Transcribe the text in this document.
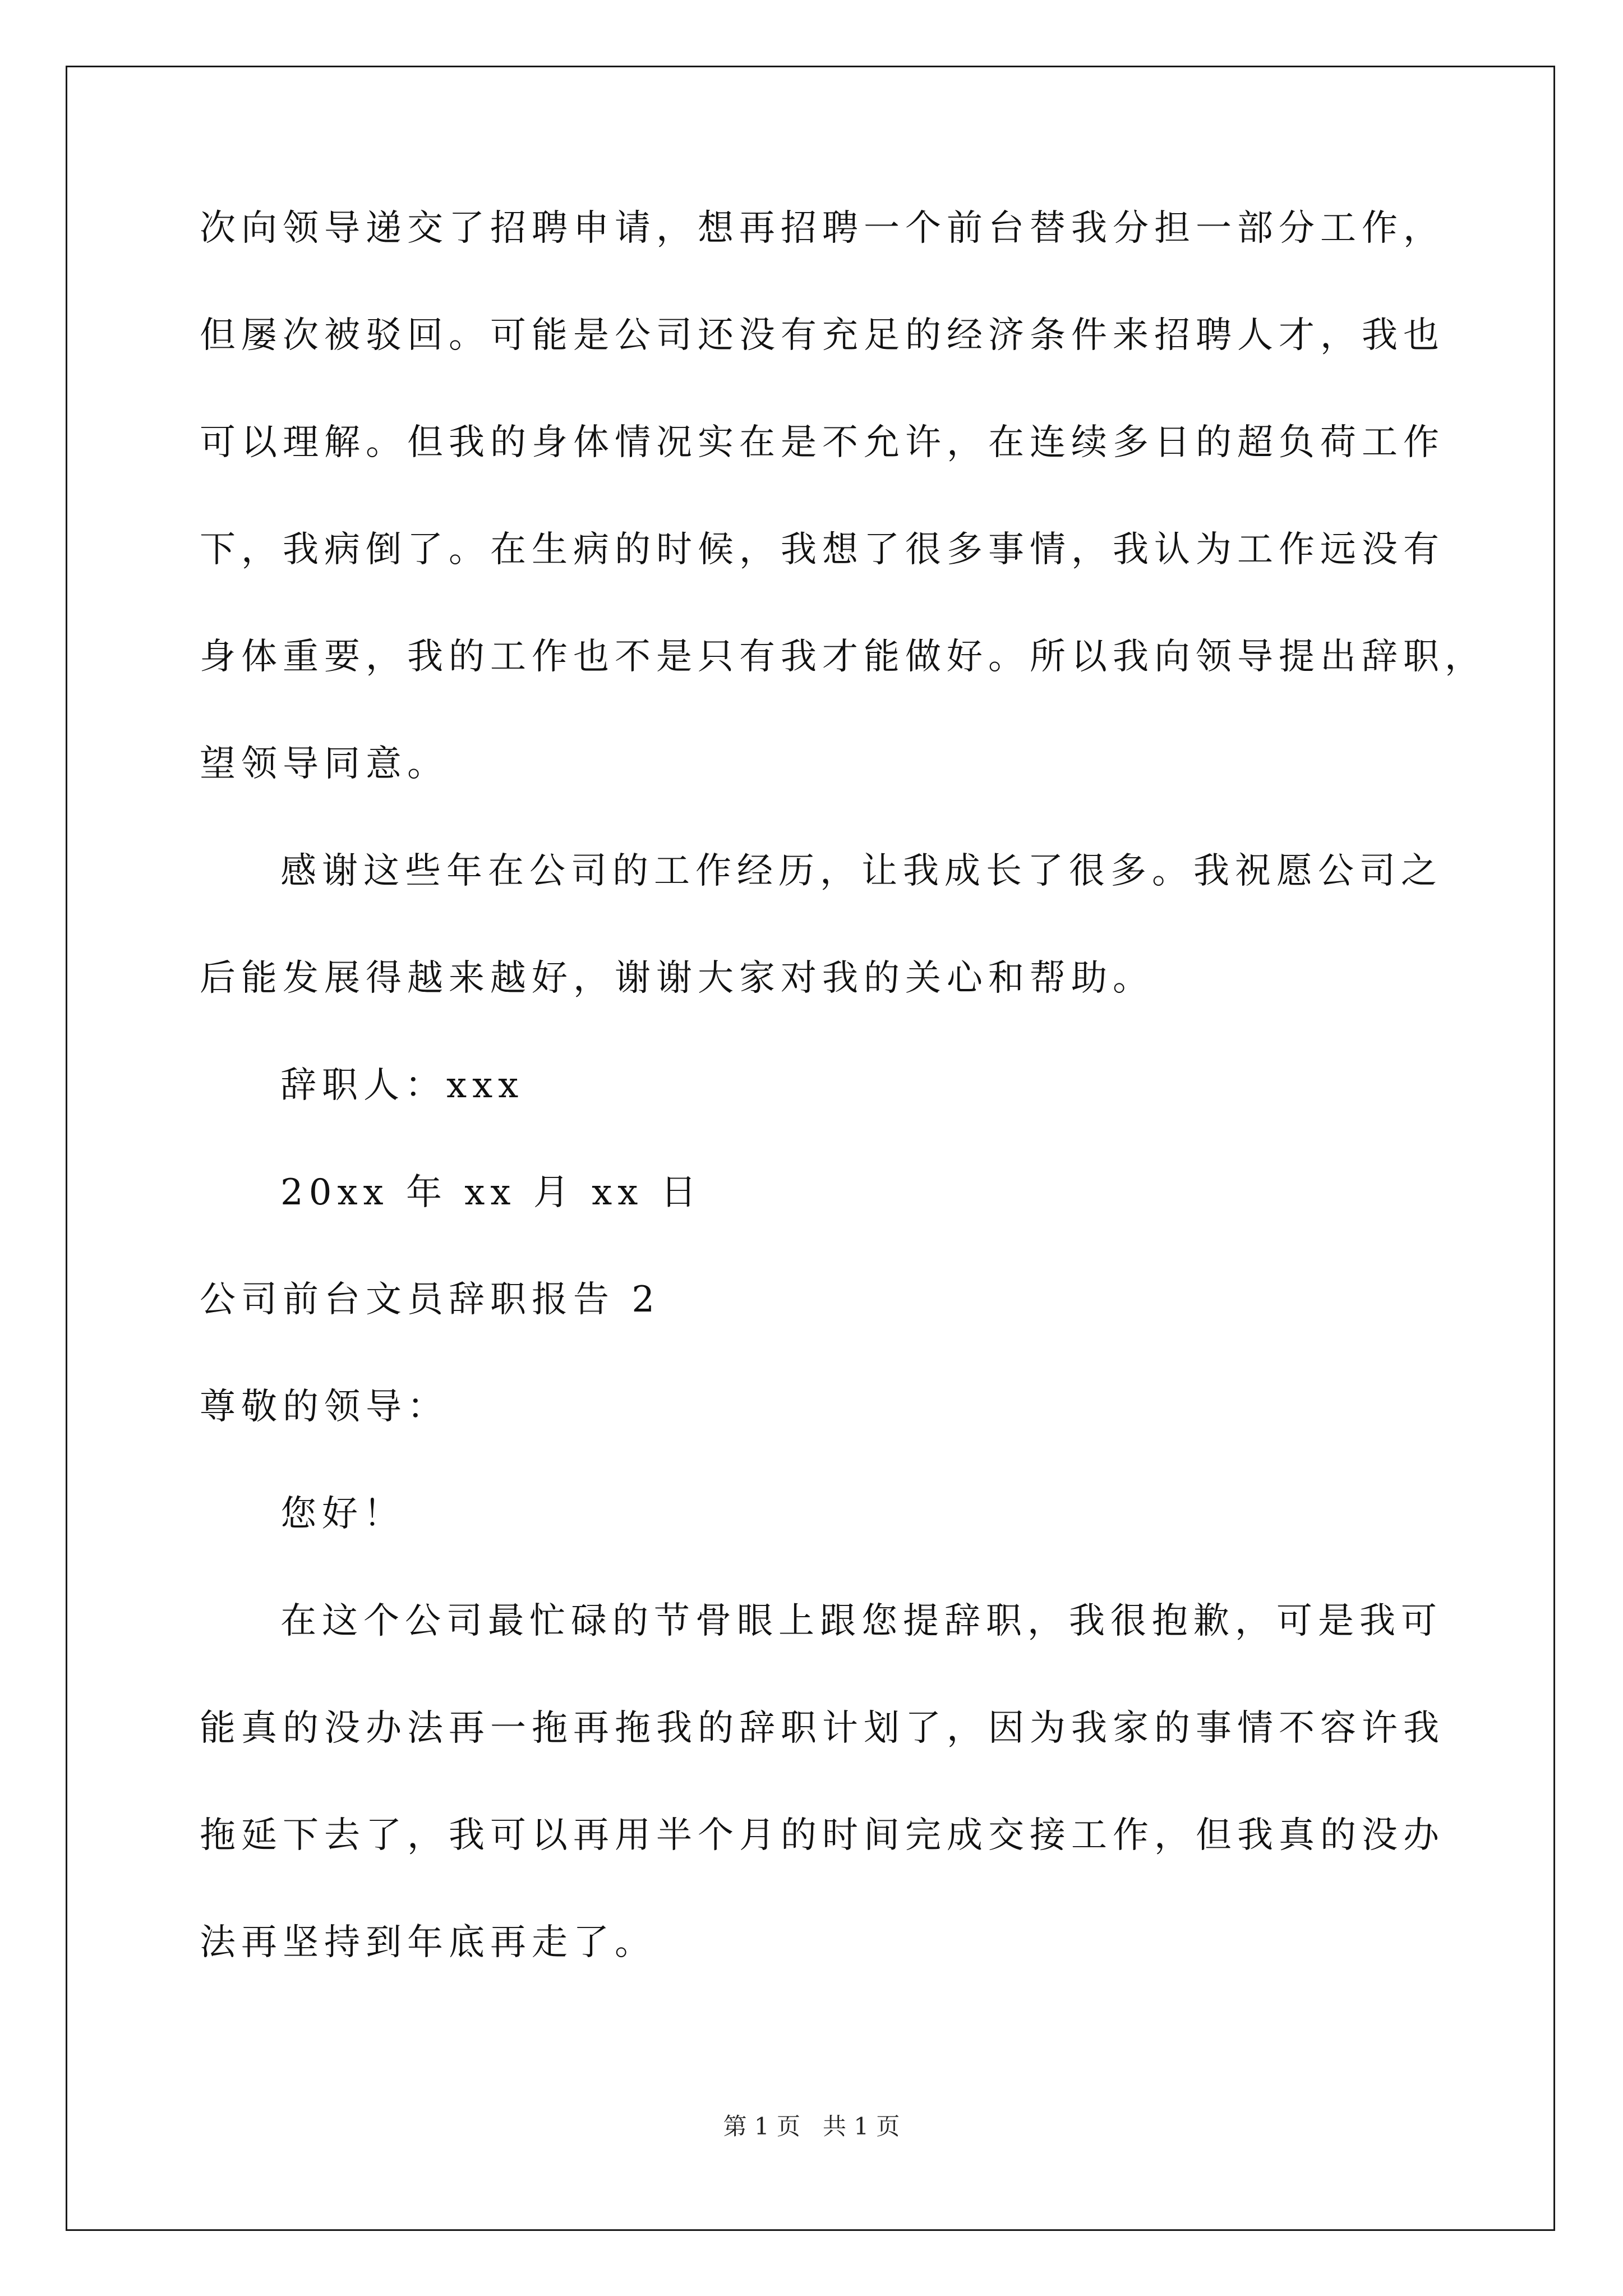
次向领导递交了招聘申请，想再招聘一个前台替我分担一部分工作，
但屡次被驳回。可能是公司还没有充足的经济条件来招聘人才，我也
可以理解。但我的身体情况实在是不允许，在连续多日的超负荷工作
下，我病倒了。在生病的时候，我想了很多事情，我认为工作远没有
身体重要，我的工作也不是只有我才能做好。所以我向领导提出辞职，
望领导同意。
感谢这些年在公司的工作经历，让我成长了很多。我祝愿公司之
后能发展得越来越好，谢谢大家对我的关心和帮助。
辞职人：xxx
20xx 年 xx 月 xx 日
公司前台文员辞职报告 2
尊敬的领导：
您好！
在这个公司最忙碌的节骨眼上跟您提辞职，我很抱歉，可是我可
能真的没办法再一拖再拖我的辞职计划了，因为我家的事情不容许我
拖延下去了，我可以再用半个月的时间完成交接工作，但我真的没办
法再坚持到年底再走了。
第 1 页 共 1 页
